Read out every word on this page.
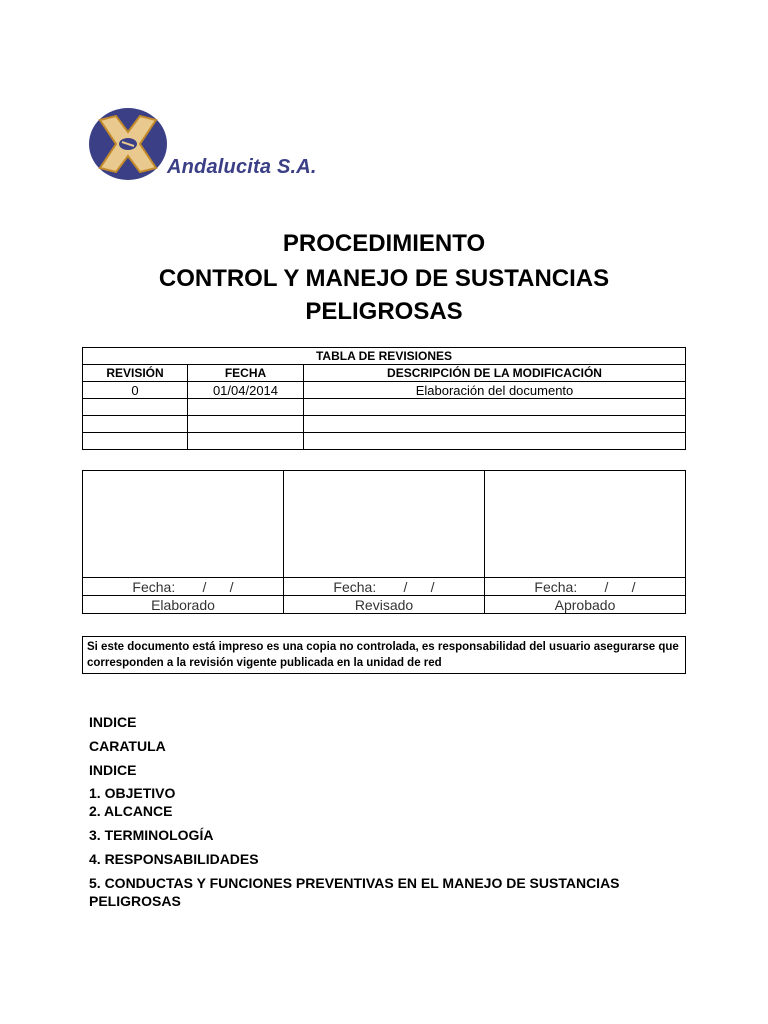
Andalucita S.A.
PROCEDIMIENTO
CONTROL Y MANEJO DE SUSTANCIAS
PELIGROSAS
TABLA DE REVISIONES		
REVISIÓN	FECHA	DESCRIPCIÓN DE LA MODIFICACIÓN
0	01/04/2014	Elaboración del documento

Fecha:       /      /	Fecha:       /      /	Fecha:       /      /
Elaborado	Revisado	Aprobado
Si este documento está impreso es una copia no controlada, es responsabilidad del usuario asegurarse que corresponden a la revisión vigente publicada en la unidad de red
INDICE
CARATULA
INDICE
1. OBJETIVO
2. ALCANCE
3. TERMINOLOGÍA
4. RESPONSABILIDADES
5. CONDUCTAS Y FUNCIONES PREVENTIVAS EN EL MANEJO DE SUSTANCIAS
PELIGROSAS
